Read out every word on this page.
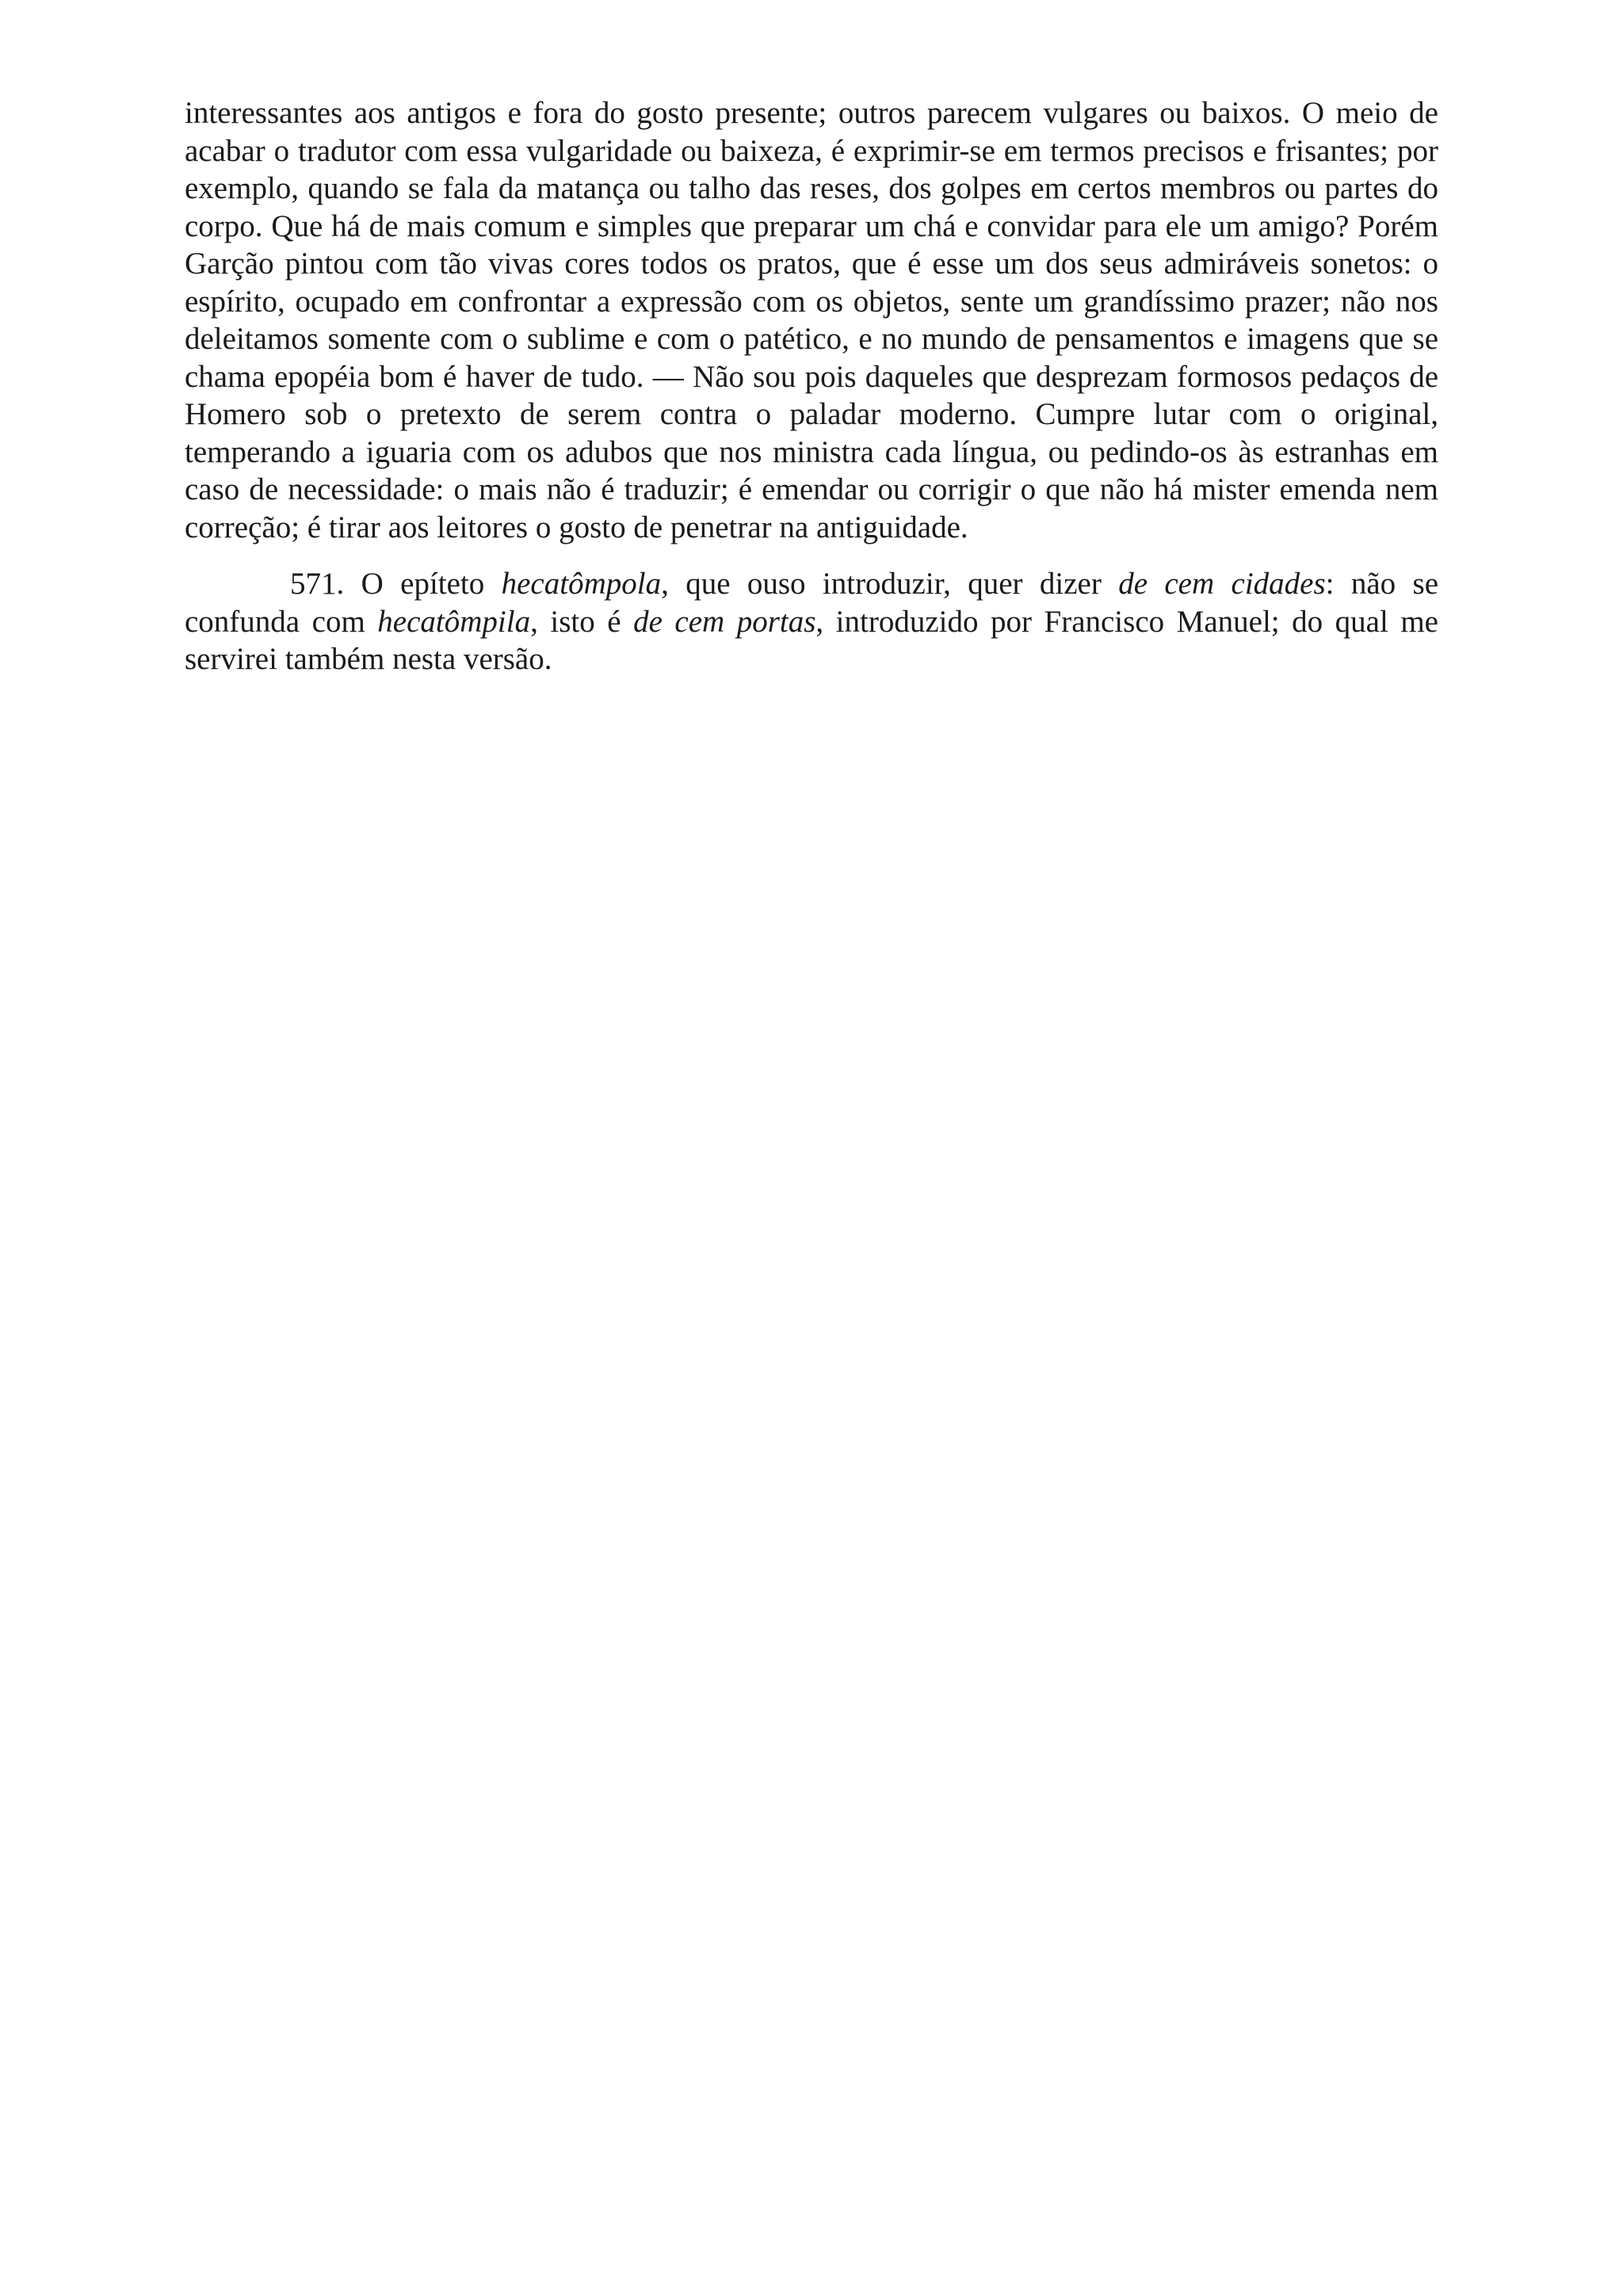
interessantes aos antigos e fora do gosto presente; outros parecem vulgares ou baixos. O meio de acabar o tradutor com essa vulgaridade ou baixeza, é exprimir-se em termos precisos e frisantes; por exemplo, quando se fala da matança ou talho das reses, dos golpes em certos membros ou partes do corpo. Que há de mais comum e simples que preparar um chá e convidar para ele um amigo? Porém Garção pintou com tão vivas cores todos os pratos, que é esse um dos seus admiráveis sonetos: o espírito, ocupado em confrontar a expressão com os objetos, sente um grandíssimo prazer; não nos deleitamos somente com o sublime e com o patético, e no mundo de pensamentos e imagens que se chama epopéia bom é haver de tudo. — Não sou pois daqueles que desprezam formosos pedaços de Homero sob o pretexto de serem contra o paladar moderno. Cumpre lutar com o original, temperando a iguaria com os adubos que nos ministra cada língua, ou pedindo-os às estranhas em caso de necessidade: o mais não é traduzir; é emendar ou corrigir o que não há mister emenda nem correção; é tirar aos leitores o gosto de penetrar na antiguidade.

571. O epíteto hecatômpola, que ouso introduzir, quer dizer de cem cidades: não se confunda com hecatômpila, isto é de cem portas, introduzido por Francisco Manuel; do qual me servirei também nesta versão.
